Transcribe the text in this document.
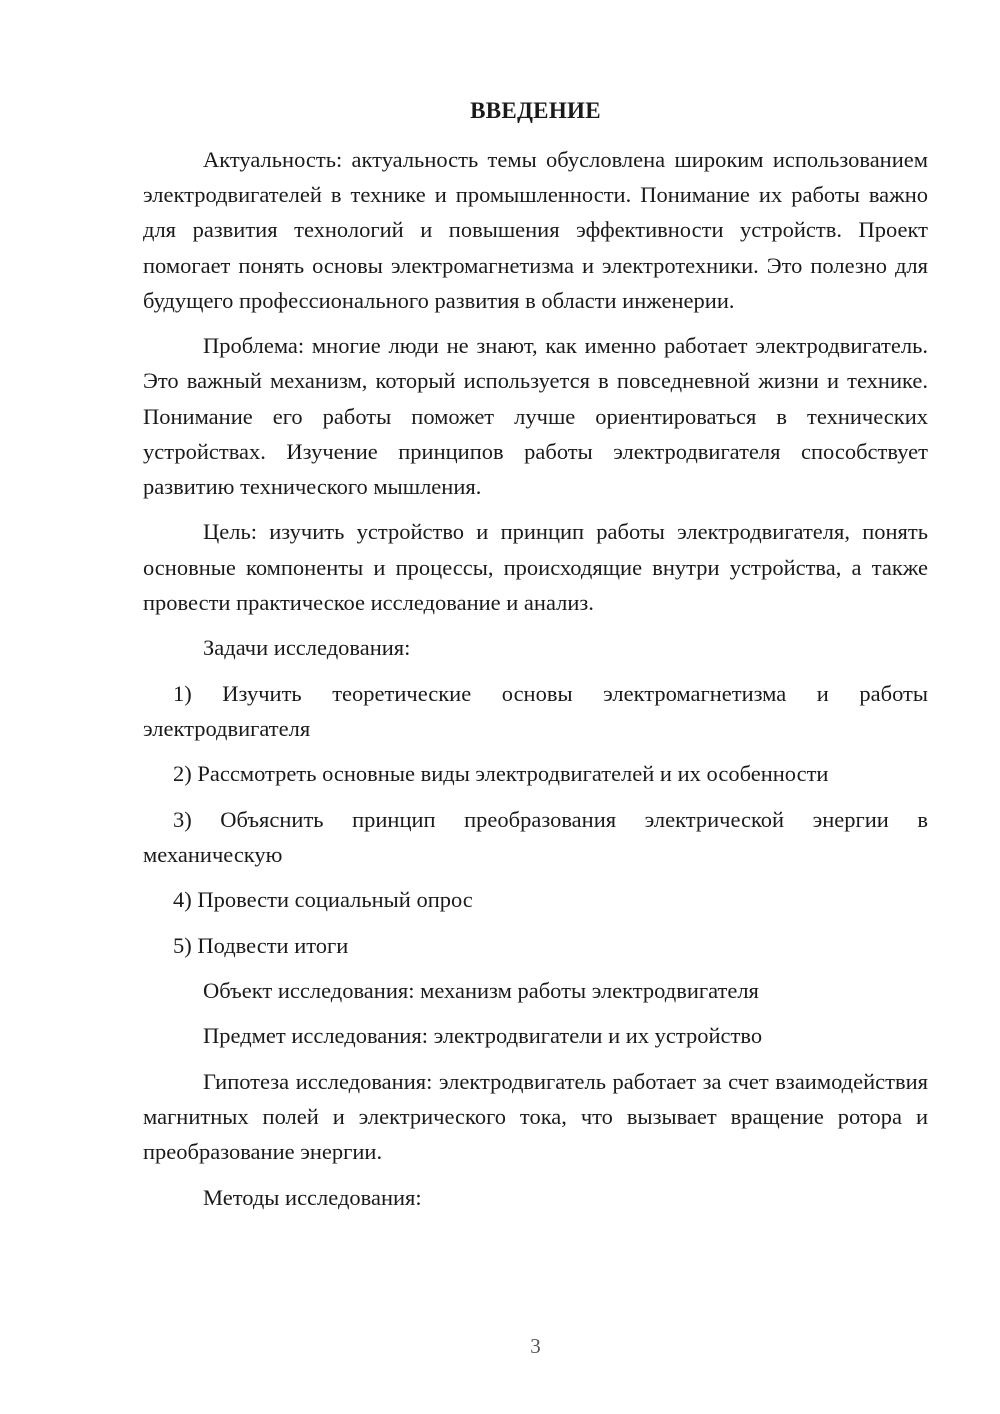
ВВЕДЕНИЕ

Актуальность: актуальность темы обусловлена широким использованием электродвигателей в технике и промышленности. Понимание их работы важно для развития технологий и повышения эффективности устройств. Проект помогает понять основы электромагнетизма и электротехники. Это полезно для будущего профессионального развития в области инженерии.

Проблема: многие люди не знают, как именно работает электродвигатель. Это важный механизм, который используется в повседневной жизни и технике. Понимание его работы поможет лучше ориентироваться в технических устройствах. Изучение принципов работы электродвигателя способствует развитию технического мышления.

Цель: изучить устройство и принцип работы электродвигателя, понять основные компоненты и процессы, происходящие внутри устройства, а также провести практическое исследование и анализ.

Задачи исследования:

1) Изучить теоретические основы электромагнетизма и работы электродвигателя

2) Рассмотреть основные виды электродвигателей и их особенности

3) Объяснить принцип преобразования электрической энергии в механическую

4) Провести социальный опрос

5) Подвести итоги

Объект исследования: механизм работы электродвигателя

Предмет исследования: электродвигатели и их устройство

Гипотеза исследования: электродвигатель работает за счет взаимодействия магнитных полей и электрического тока, что вызывает вращение ротора и преобразование энергии.

Методы исследования:

3
